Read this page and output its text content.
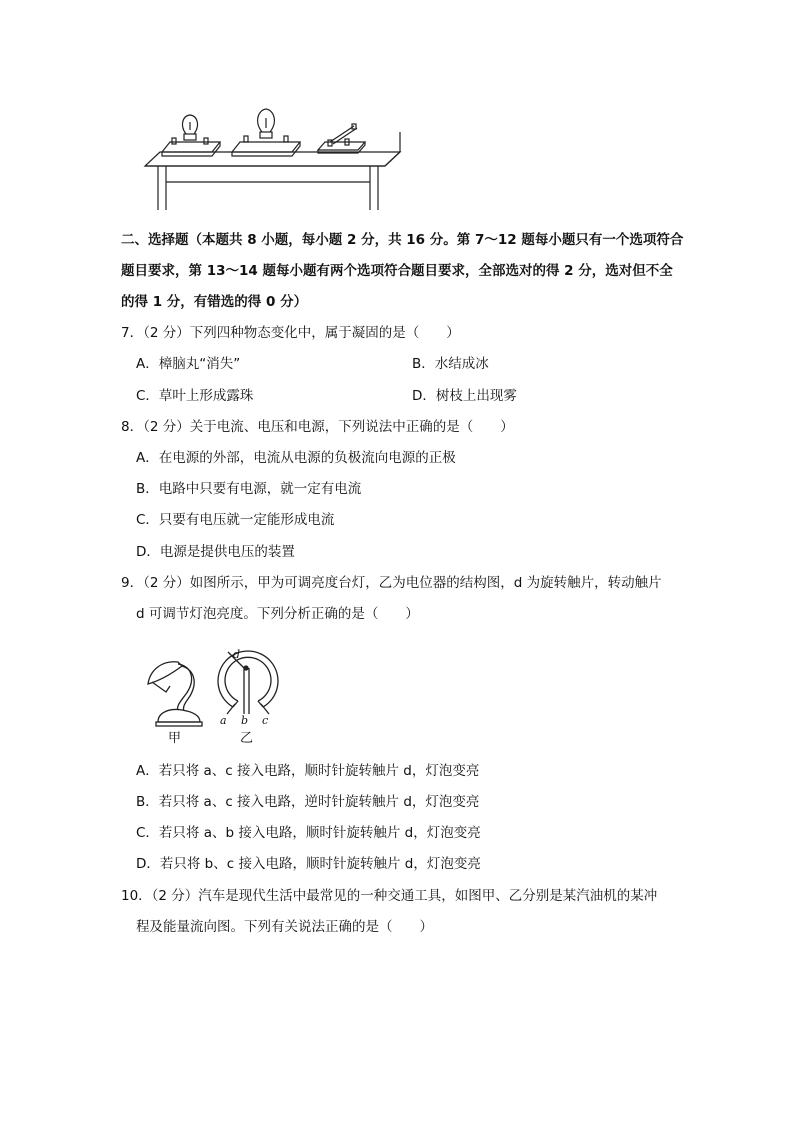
二、选择题（本题共 8 小题，每小题 2 分，共 16 分。第 7～12 题每小题只有一个选项符合
题目要求，第 13～14 题每小题有两个选项符合题目要求，全部选对的得 2 分，选对但不全
的得 1 分，有错选的得 0 分）
7．（2 分）下列四种物态变化中，属于凝固的是（　　）
A．樟脑丸“消失”	B．水结成冰
C．草叶上形成露珠	D．树枝上出现雾
8．（2 分）关于电流、电压和电源，下列说法中正确的是（　　）
A．在电源的外部，电流从电源的负极流向电源的正极
B．电路中只要有电源，就一定有电流
C．只要有电压就一定能形成电流
D．电源是提供电压的装置
9．（2 分）如图所示，甲为可调亮度台灯，乙为电位器的结构图，d 为旋转触片，转动触片
d 可调节灯泡亮度。下列分析正确的是（　　）
d
a b c
甲	乙
A．若只将 a、c 接入电路，顺时针旋转触片 d，灯泡变亮
B．若只将 a、c 接入电路，逆时针旋转触片 d，灯泡变亮
C．若只将 a、b 接入电路，顺时针旋转触片 d，灯泡变亮
D．若只将 b、c 接入电路，顺时针旋转触片 d，灯泡变亮
10．（2 分）汽车是现代生活中最常见的一种交通工具，如图甲、乙分别是某汽油机的某冲
程及能量流向图。下列有关说法正确的是（　　）
